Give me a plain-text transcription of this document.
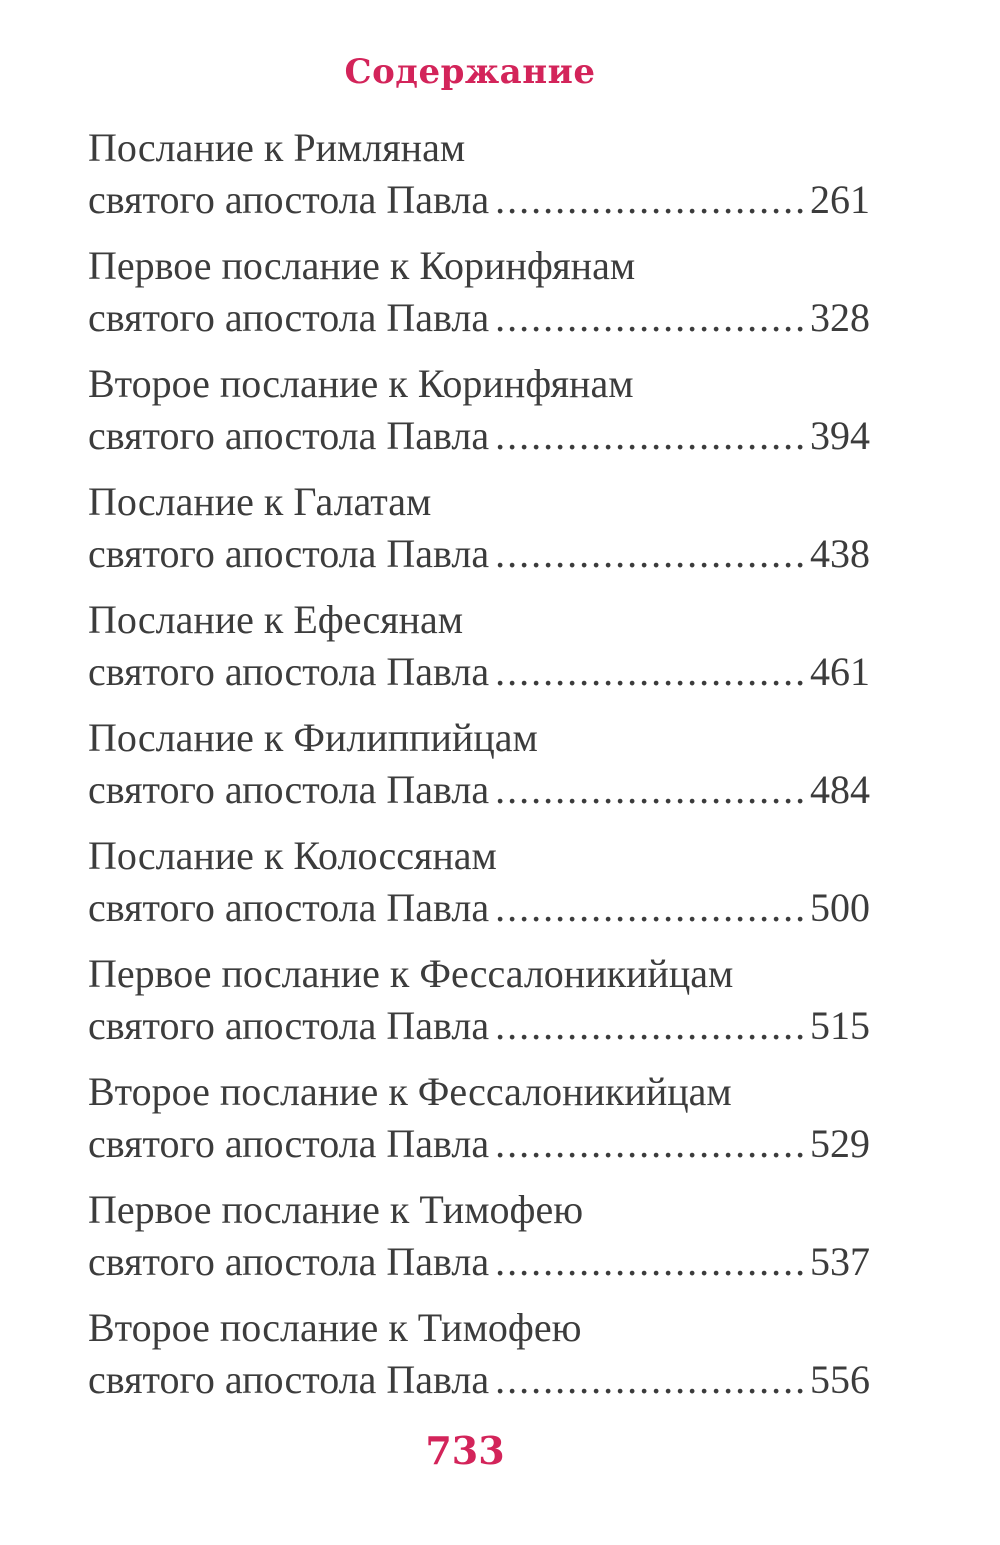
Содержание
Послание к Римлянам
святого апостола Павла .....	261
Первое послание к Коринфянам
святого апостола Павла .....	328
Второе послание к Коринфянам
святого апостола Павла .....	394
Послание к Галатам
святого апостола Павла .....	438
Послание к Ефесянам
святого апостола Павла .....	461
Послание к Филиппийцам
святого апостола Павла .....	484
Послание к Колоссянам
святого апостола Павла .....	500
Первое послание к Фессалоникийцам
святого апостола Павла .....	515
Второе послание к Фессалоникийцам
святого апостола Павла .....	529
Первое послание к Тимофею
святого апостола Павла .....	537
Второе послание к Тимофею
святого апостола Павла .....	556
733
